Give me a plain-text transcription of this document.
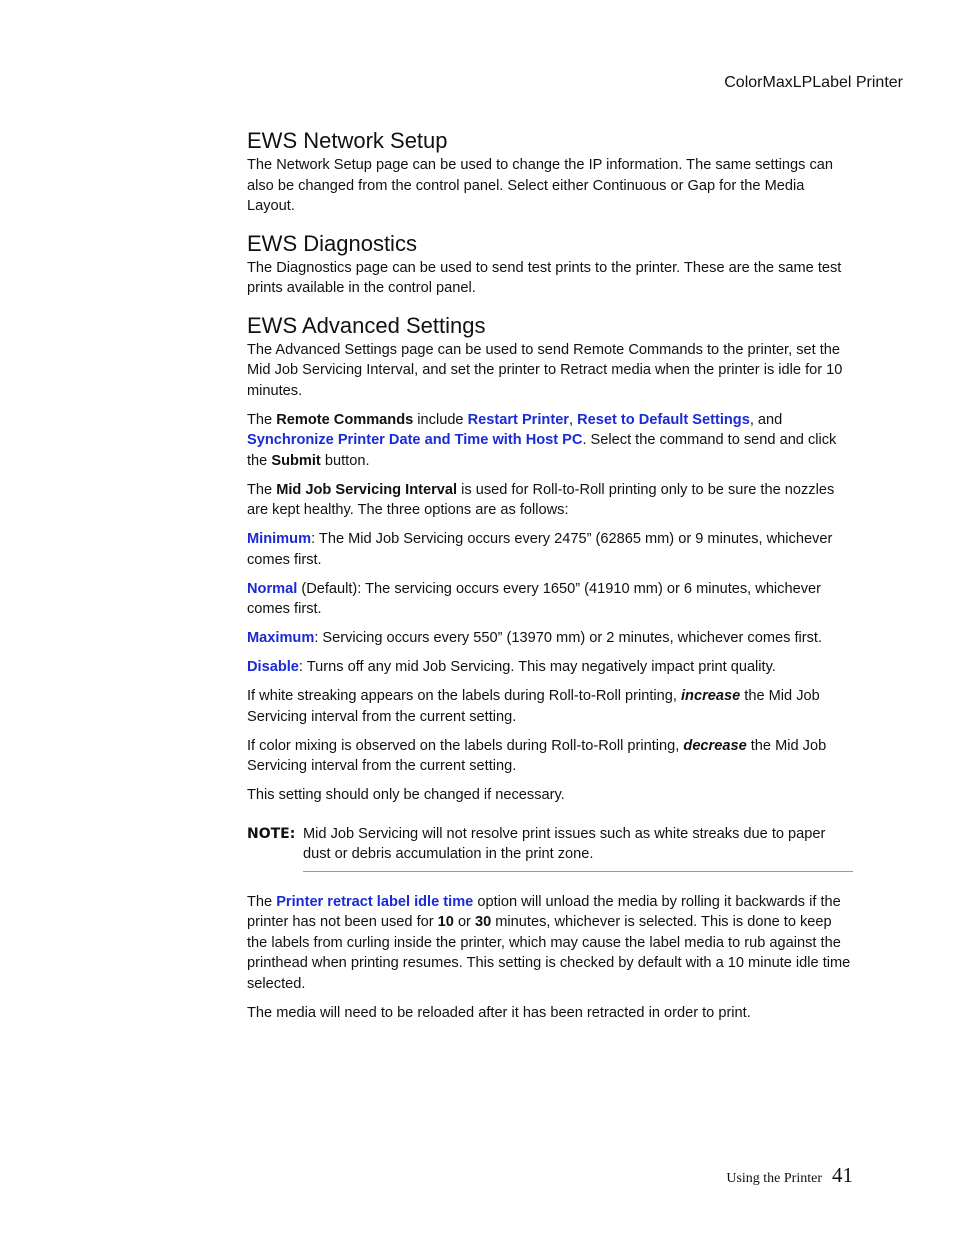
ColorMaxLPLabel Printer
EWS Network Setup

The Network Setup page can be used to change the IP information. The same settings can also be changed from the control panel. Select either Continuous or Gap for the Media Layout.

EWS Diagnostics

The Diagnostics page can be used to send test prints to the printer. These are the same test prints available in the control panel.

EWS Advanced Settings

The Advanced Settings page can be used to send Remote Commands to the printer, set the Mid Job Servicing Interval, and set the printer to Retract media when the printer is idle for 10 minutes.

The Remote Commands include Restart Printer, Reset to Default Settings, and Synchronize Printer Date and Time with Host PC. Select the command to send and click the Submit button.

The Mid Job Servicing Interval is used for Roll-to-Roll printing only to be sure the nozzles are kept healthy. The three options are as follows:

Minimum: The Mid Job Servicing occurs every 2475” (62865 mm) or 9 minutes, whichever comes first.

Normal (Default): The servicing occurs every 1650” (41910 mm) or 6 minutes, whichever comes first.

Maximum: Servicing occurs every 550” (13970 mm) or 2 minutes, whichever comes first.

Disable: Turns off any mid Job Servicing. This may negatively impact print quality.

If white streaking appears on the labels during Roll-to-Roll printing, increase the Mid Job Servicing interval from the current setting.

If color mixing is observed on the labels during Roll-to-Roll printing, decrease the Mid Job Servicing interval from the current setting.

This setting should only be changed if necessary.

NOTE: Mid Job Servicing will not resolve print issues such as white streaks due to paper dust or debris accumulation in the print zone.

The Printer retract label idle time option will unload the media by rolling it backwards if the printer has not been used for 10 or 30 minutes, whichever is selected. This is done to keep the labels from curling inside the printer, which may cause the label media to rub against the printhead when printing resumes. This setting is checked by default with a 10 minute idle time selected.

The media will need to be reloaded after it has been retracted in order to print.

Using the Printer 41
